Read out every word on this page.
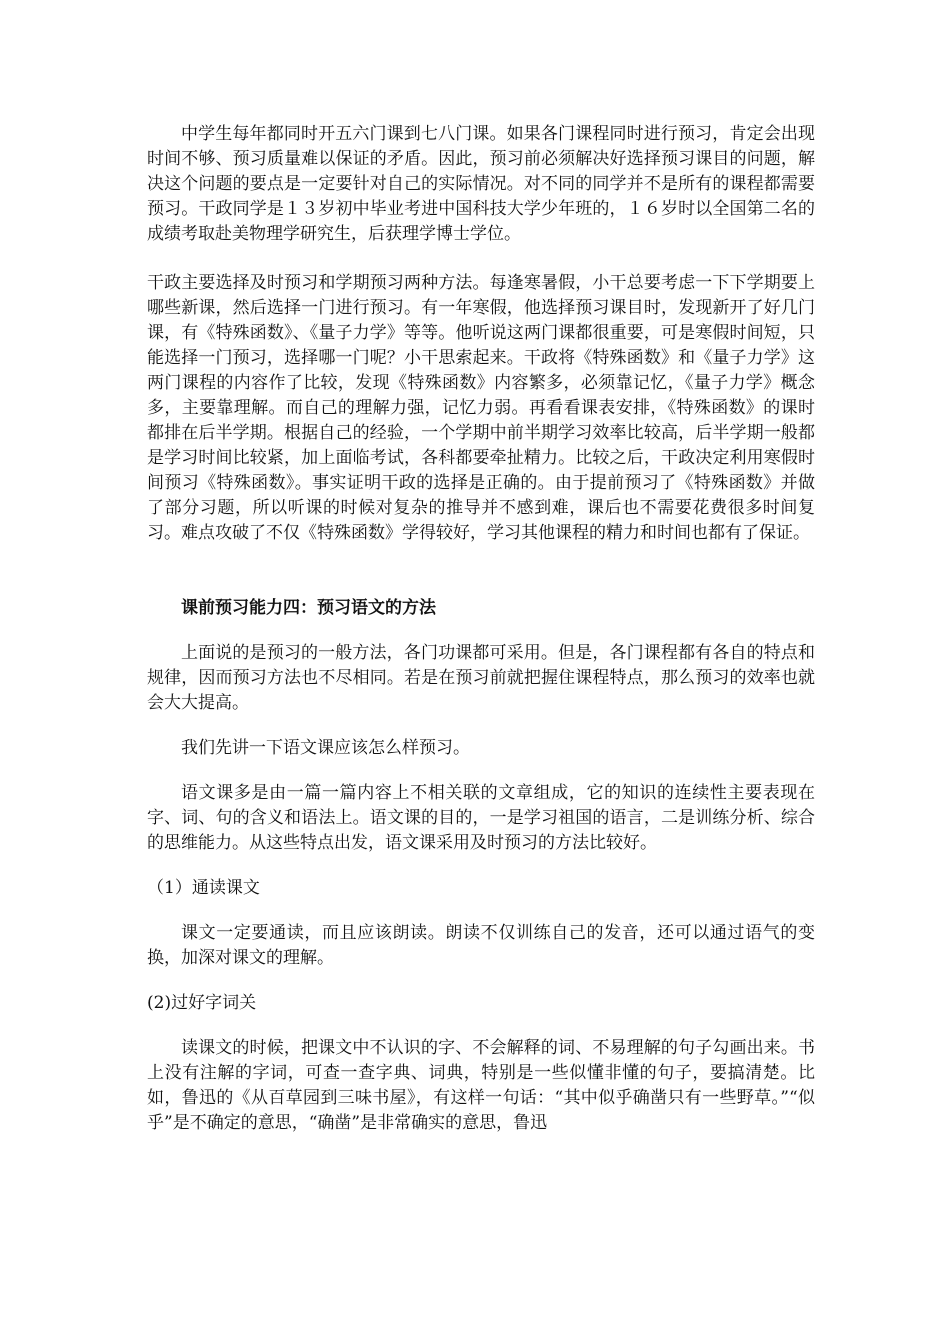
中学生每年都同时开五六门课到七八门课。如果各门课程同时进行预习，肯定会出现时间不够、预习质量难以保证的矛盾。因此，预习前必须解决好选择预习课目的问题，解决这个问题的要点是一定要针对自己的实际情况。对不同的同学并不是所有的课程都需要预习。干政同学是１３岁初中毕业考进中国科技大学少年班的，１６岁时以全国第二名的成绩考取赴美物理学研究生，后获理学博士学位。

干政主要选择及时预习和学期预习两种方法。每逢寒暑假，小干总要考虑一下下学期要上哪些新课，然后选择一门进行预习。有一年寒假，他选择预习课目时，发现新开了好几门课，有《特殊函数》、《量子力学》等等。他听说这两门课都很重要，可是寒假时间短，只能选择一门预习，选择哪一门呢？小干思索起来。干政将《特殊函数》和《量子力学》这两门课程的内容作了比较，发现《特殊函数》内容繁多，必须靠记忆，《量子力学》概念多，主要靠理解。而自己的理解力强，记忆力弱。再看看课表安排，《特殊函数》的课时都排在后半学期。根据自己的经验，一个学期中前半期学习效率比较高，后半学期一般都是学习时间比较紧，加上面临考试，各科都要牵扯精力。比较之后，干政决定利用寒假时间预习《特殊函数》。事实证明干政的选择是正确的。由于提前预习了《特殊函数》并做了部分习题，所以听课的时候对复杂的推导并不感到难，课后也不需要花费很多时间复习。难点攻破了不仅《特殊函数》学得较好，学习其他课程的精力和时间也都有了保证。

课前预习能力四：预习语文的方法

上面说的是预习的一般方法，各门功课都可采用。但是，各门课程都有各自的特点和规律，因而预习方法也不尽相同。若是在预习前就把握住课程特点，那么预习的效率也就会大大提高。

我们先讲一下语文课应该怎么样预习。

语文课多是由一篇一篇内容上不相关联的文章组成，它的知识的连续性主要表现在字、词、句的含义和语法上。语文课的目的，一是学习祖国的语言，二是训练分析、综合的思维能力。从这些特点出发，语文课采用及时预习的方法比较好。

（1）通读课文

课文一定要通读，而且应该朗读。朗读不仅训练自己的发音，还可以通过语气的变换，加深对课文的理解。

(2)过好字词关

读课文的时候，把课文中不认识的字、不会解释的词、不易理解的句子勾画出来。书上没有注解的字词，可查一查字典、词典，特别是一些似懂非懂的句子，要搞清楚。比如，鲁迅的《从百草园到三味书屋》，有这样一句话：“其中似乎确凿只有一些野草。”“似乎”是不确定的意思，“确凿”是非常确实的意思，鲁迅
